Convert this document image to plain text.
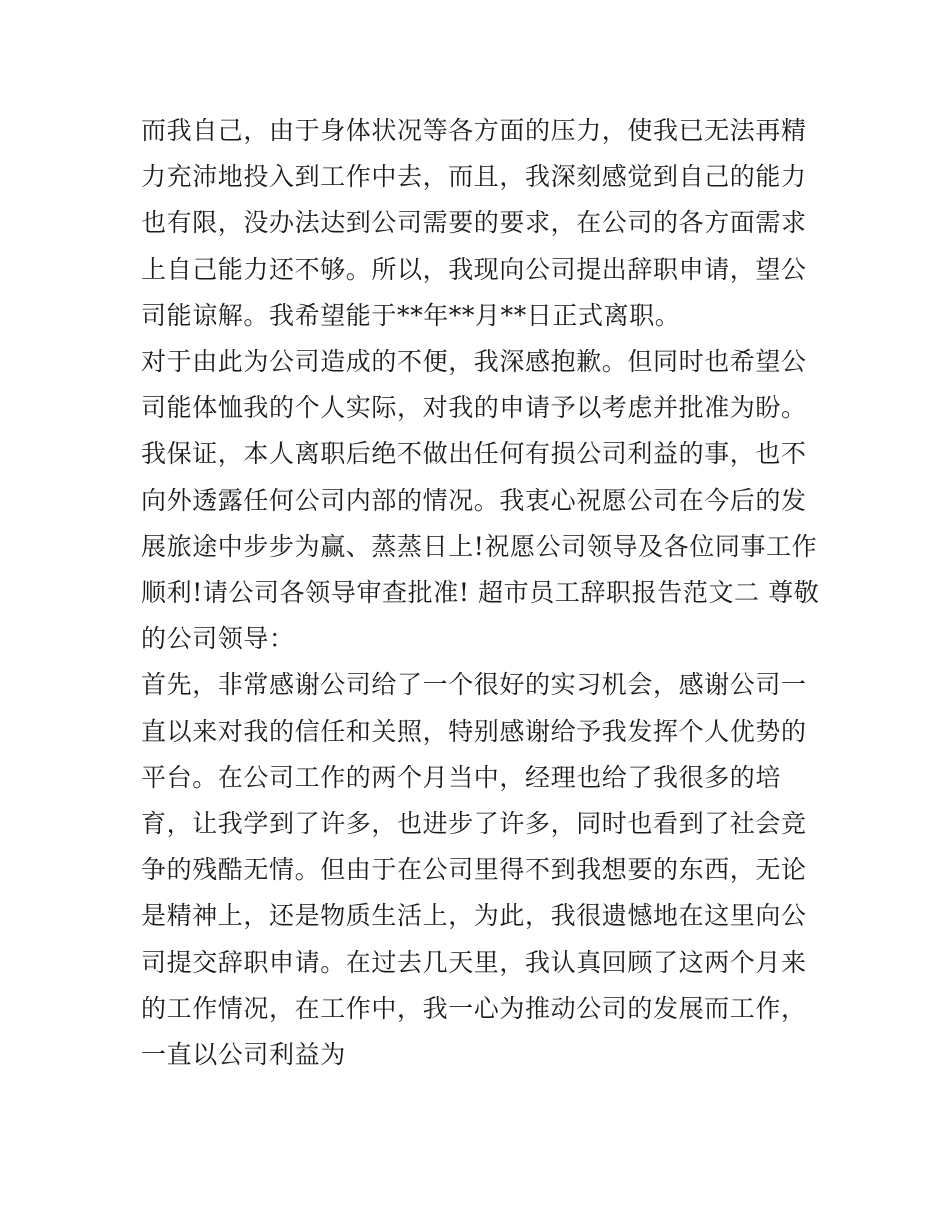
而我自己，由于身体状况等各方面的压力，使我已无法再精力充沛地投入到工作中去，而且，我深刻感觉到自己的能力也有限，没办法达到公司需要的要求，在公司的各方面需求上自己能力还不够。所以，我现向公司提出辞职申请，望公司能谅解。我希望能于**年**月**日正式离职。

对于由此为公司造成的不便，我深感抱歉。但同时也希望公司能体恤我的个人实际，对我的申请予以考虑并批准为盼。

我保证，本人离职后绝不做出任何有损公司利益的事，也不向外透露任何公司内部的情况。我衷心祝愿公司在今后的发展旅途中步步为赢、蒸蒸日上!祝愿公司领导及各位同事工作顺利!请公司各领导审查批准! 超市员工辞职报告范文二 尊敬的公司领导：

首先，非常感谢公司给了一个很好的实习机会，感谢公司一直以来对我的信任和关照，特别感谢给予我发挥个人优势的平台。在公司工作的两个月当中，经理也给了我很多的培育，让我学到了许多，也进步了许多，同时也看到了社会竞争的残酷无情。但由于在公司里得不到我想要的东西，无论是精神上，还是物质生活上，为此，我很遗憾地在这里向公司提交辞职申请。在过去几天里，我认真回顾了这两个月来的工作情况，在工作中，我一心为推动公司的发展而工作，一直以公司利益为
